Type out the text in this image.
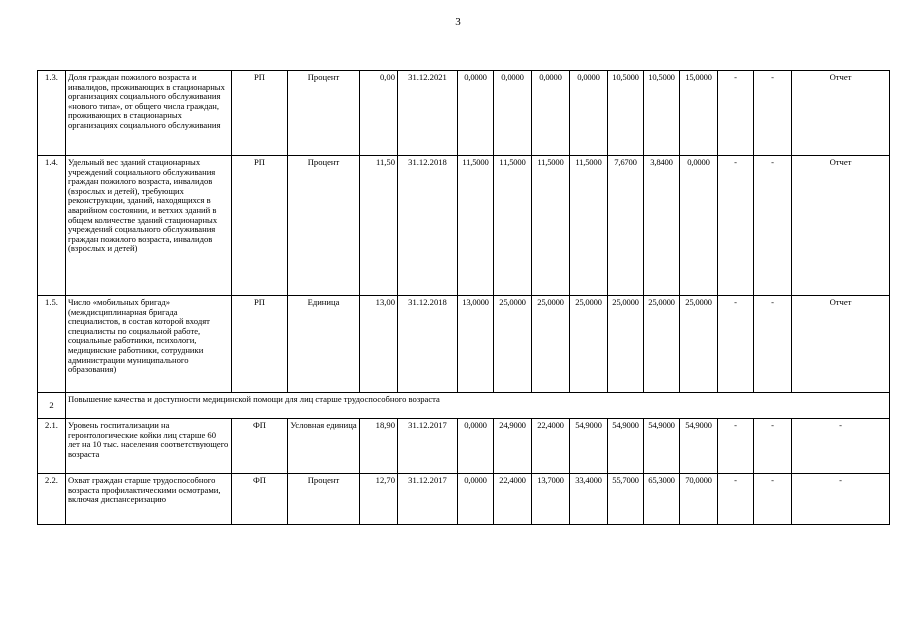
3
1.3.	Доля граждан пожилого возраста и инвалидов, проживающих в стационарных организациях социального обслуживания «нового типа», от общего числа граждан, проживающих в стационарных организациях социального обслуживания	РП	Процент	0,00	31.12.2021	0,0000	0,0000	0,0000	0,0000	10,5000	10,5000	15,0000	-	-	Отчет
1.4.	Удельный вес зданий стационарных учреждений социального обслуживания граждан пожилого возраста, инвалидов (взрослых и детей), требующих реконструкции, зданий, находящихся в аварийном состоянии, и ветхих зданий в общем количестве зданий стационарных учреждений социального обслуживания граждан пожилого возраста, инвалидов (взрослых и детей)	РП	Процент	11,50	31.12.2018	11,5000	11,5000	11,5000	11,5000	7,6700	3,8400	0,0000	-	-	Отчет
1.5.	Число «мобильных бригад» (междисциплинарная бригада специалистов, в состав которой входят специалисты по социальной работе, социальные работники, психологи, медицинские работники, сотрудники администрации муниципального образования)	РП	Единица	13,00	31.12.2018	13,0000	25,0000	25,0000	25,0000	25,0000	25,0000	25,0000	-	-	Отчет
2	Повышение качества и доступности медицинской помощи для лиц старше трудоспособного возраста														
2.1.	Уровень госпитализации на геронтологические койки лиц старше 60 лет на 10 тыс. населения соответствующего возраста	ФП	Условная единица	18,90	31.12.2017	0,0000	24,9000	22,4000	54,9000	54,9000	54,9000	54,9000	-	-	-
2.2.	Охват граждан старше трудоспособного возраста профилактическими осмотрами, включая диспансеризацию	ФП	Процент	12,70	31.12.2017	0,0000	22,4000	13,7000	33,4000	55,7000	65,3000	70,0000	-	-	-
